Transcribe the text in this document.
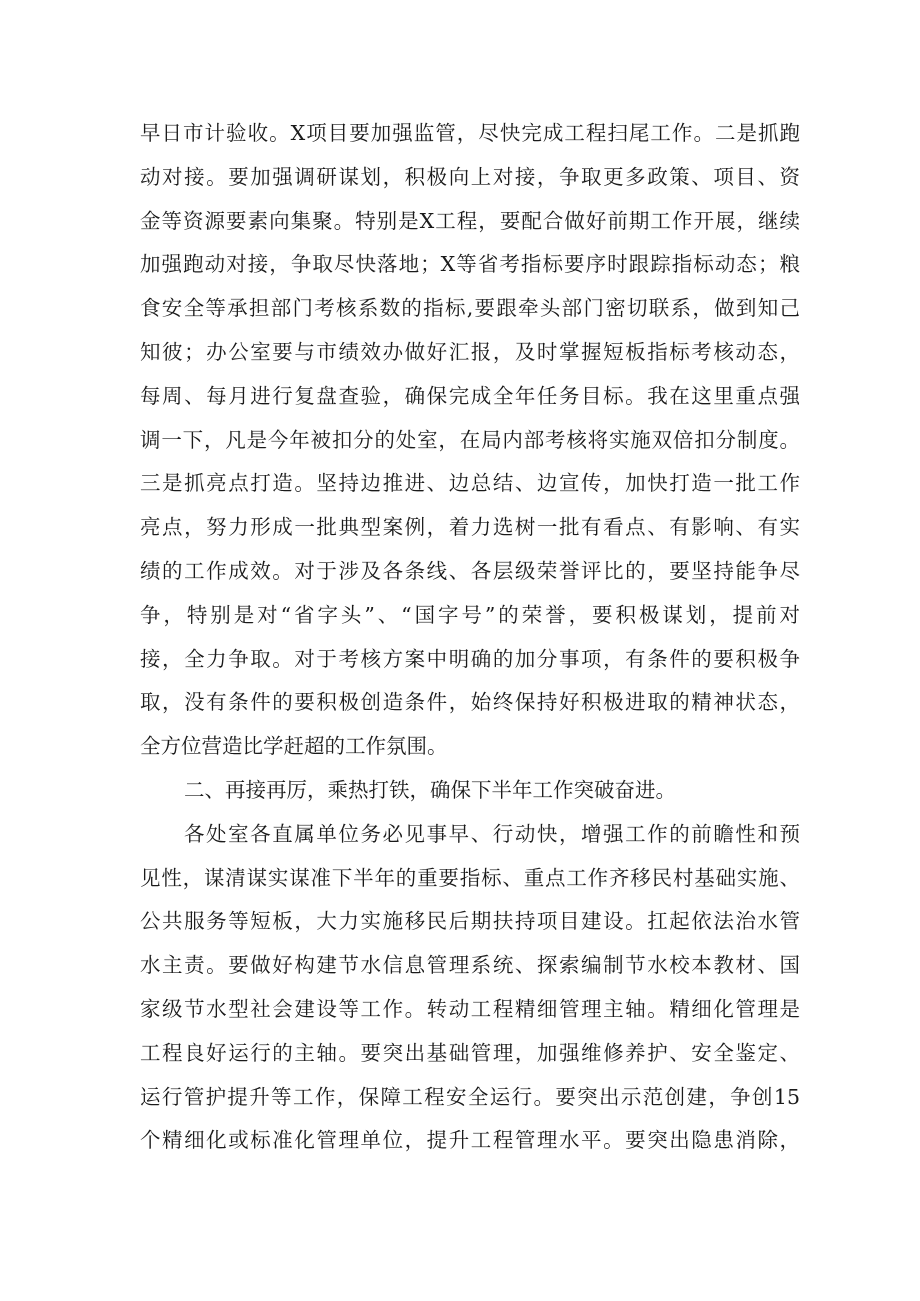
早日市计验收。X项目要加强监管，尽快完成工程扫尾工作。二是抓跑
动对接。要加强调研谋划，积极向上对接，争取更多政策、项目、资
金等资源要素向集聚。特别是X工程，要配合做好前期工作开展，继续
加强跑动对接，争取尽快落地；X等省考指标要序时跟踪指标动态；粮
食安全等承担部门考核系数的指标,要跟牵头部门密切联系，做到知己
知彼；办公室要与市绩效办做好汇报，及时掌握短板指标考核动态，
每周、每月进行复盘查验，确保完成全年任务目标。我在这里重点强
调一下，凡是今年被扣分的处室，在局内部考核将实施双倍扣分制度。
三是抓亮点打造。坚持边推进、边总结、边宣传，加快打造一批工作
亮点，努力形成一批典型案例，着力选树一批有看点、有影响、有实
绩的工作成效。对于涉及各条线、各层级荣誉评比的，要坚持能争尽
争，特别是对“省字头”、“国字号”的荣誉，要积极谋划，提前对
接，全力争取。对于考核方案中明确的加分事项，有条件的要积极争
取，没有条件的要积极创造条件，始终保持好积极进取的精神状态，
全方位营造比学赶超的工作氛围。
二、再接再厉，乘热打铁，确保下半年工作突破奋进。
各处室各直属单位务必见事早、行动快，增强工作的前瞻性和预
见性，谋清谋实谋准下半年的重要指标、重点工作齐移民村基础实施、
公共服务等短板，大力实施移民后期扶持项目建设。扛起依法治水管
水主责。要做好构建节水信息管理系统、探索编制节水校本教材、国
家级节水型社会建设等工作。转动工程精细管理主轴。精细化管理是
工程良好运行的主轴。要突出基础管理，加强维修养护、安全鉴定、
运行管护提升等工作，保障工程安全运行。要突出示范创建，争创15
个精细化或标准化管理单位，提升工程管理水平。要突出隐患消除，
